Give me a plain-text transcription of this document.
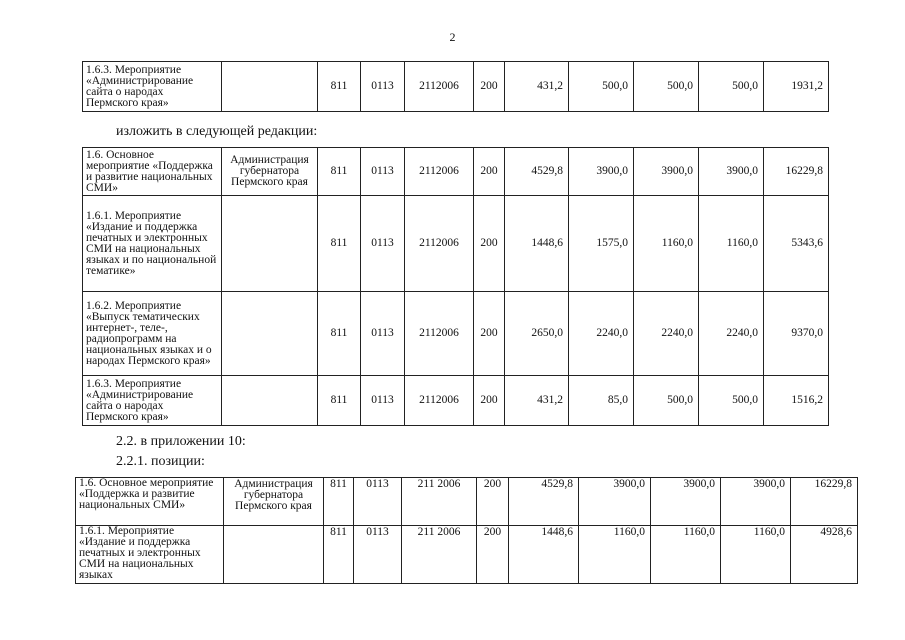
2
1.6.3. Мероприятие «Администрирование сайта о народах Пермского края»		811	0113	2112006	200	431,2	500,0	500,0	500,0	1931,2
изложить в следующей редакции:
1.6. Основное мероприятие «Поддержка и развитие национальных СМИ»	Администрация губернатора Пермского края	811	0113	2112006	200	4529,8	3900,0	3900,0	3900,0	16229,8
1.6.1. Мероприятие «Издание и поддержка печатных и электронных СМИ на национальных языках и по национальной тематике»		811	0113	2112006	200	1448,6	1575,0	1160,0	1160,0	5343,6
1.6.2. Мероприятие «Выпуск тематических интернет-, теле-, радиопрограмм на национальных языках и о народах Пермского края»		811	0113	2112006	200	2650,0	2240,0	2240,0	2240,0	9370,0
1.6.3. Мероприятие «Администрирование сайта о народах Пермского края»		811	0113	2112006	200	431,2	85,0	500,0	500,0	1516,2
2.2. в приложении 10:
2.2.1. позиции:
1.6. Основное мероприятие «Поддержка и развитие национальных СМИ»	Администрация губернатора Пермского края	811	0113	211 2006	200	4529,8	3900,0	3900,0	3900,0	16229,8
1.6.1. Мероприятие «Издание и поддержка печатных и электронных СМИ на национальных языках		811	0113	211 2006	200	1448,6	1160,0	1160,0	1160,0	4928,6
